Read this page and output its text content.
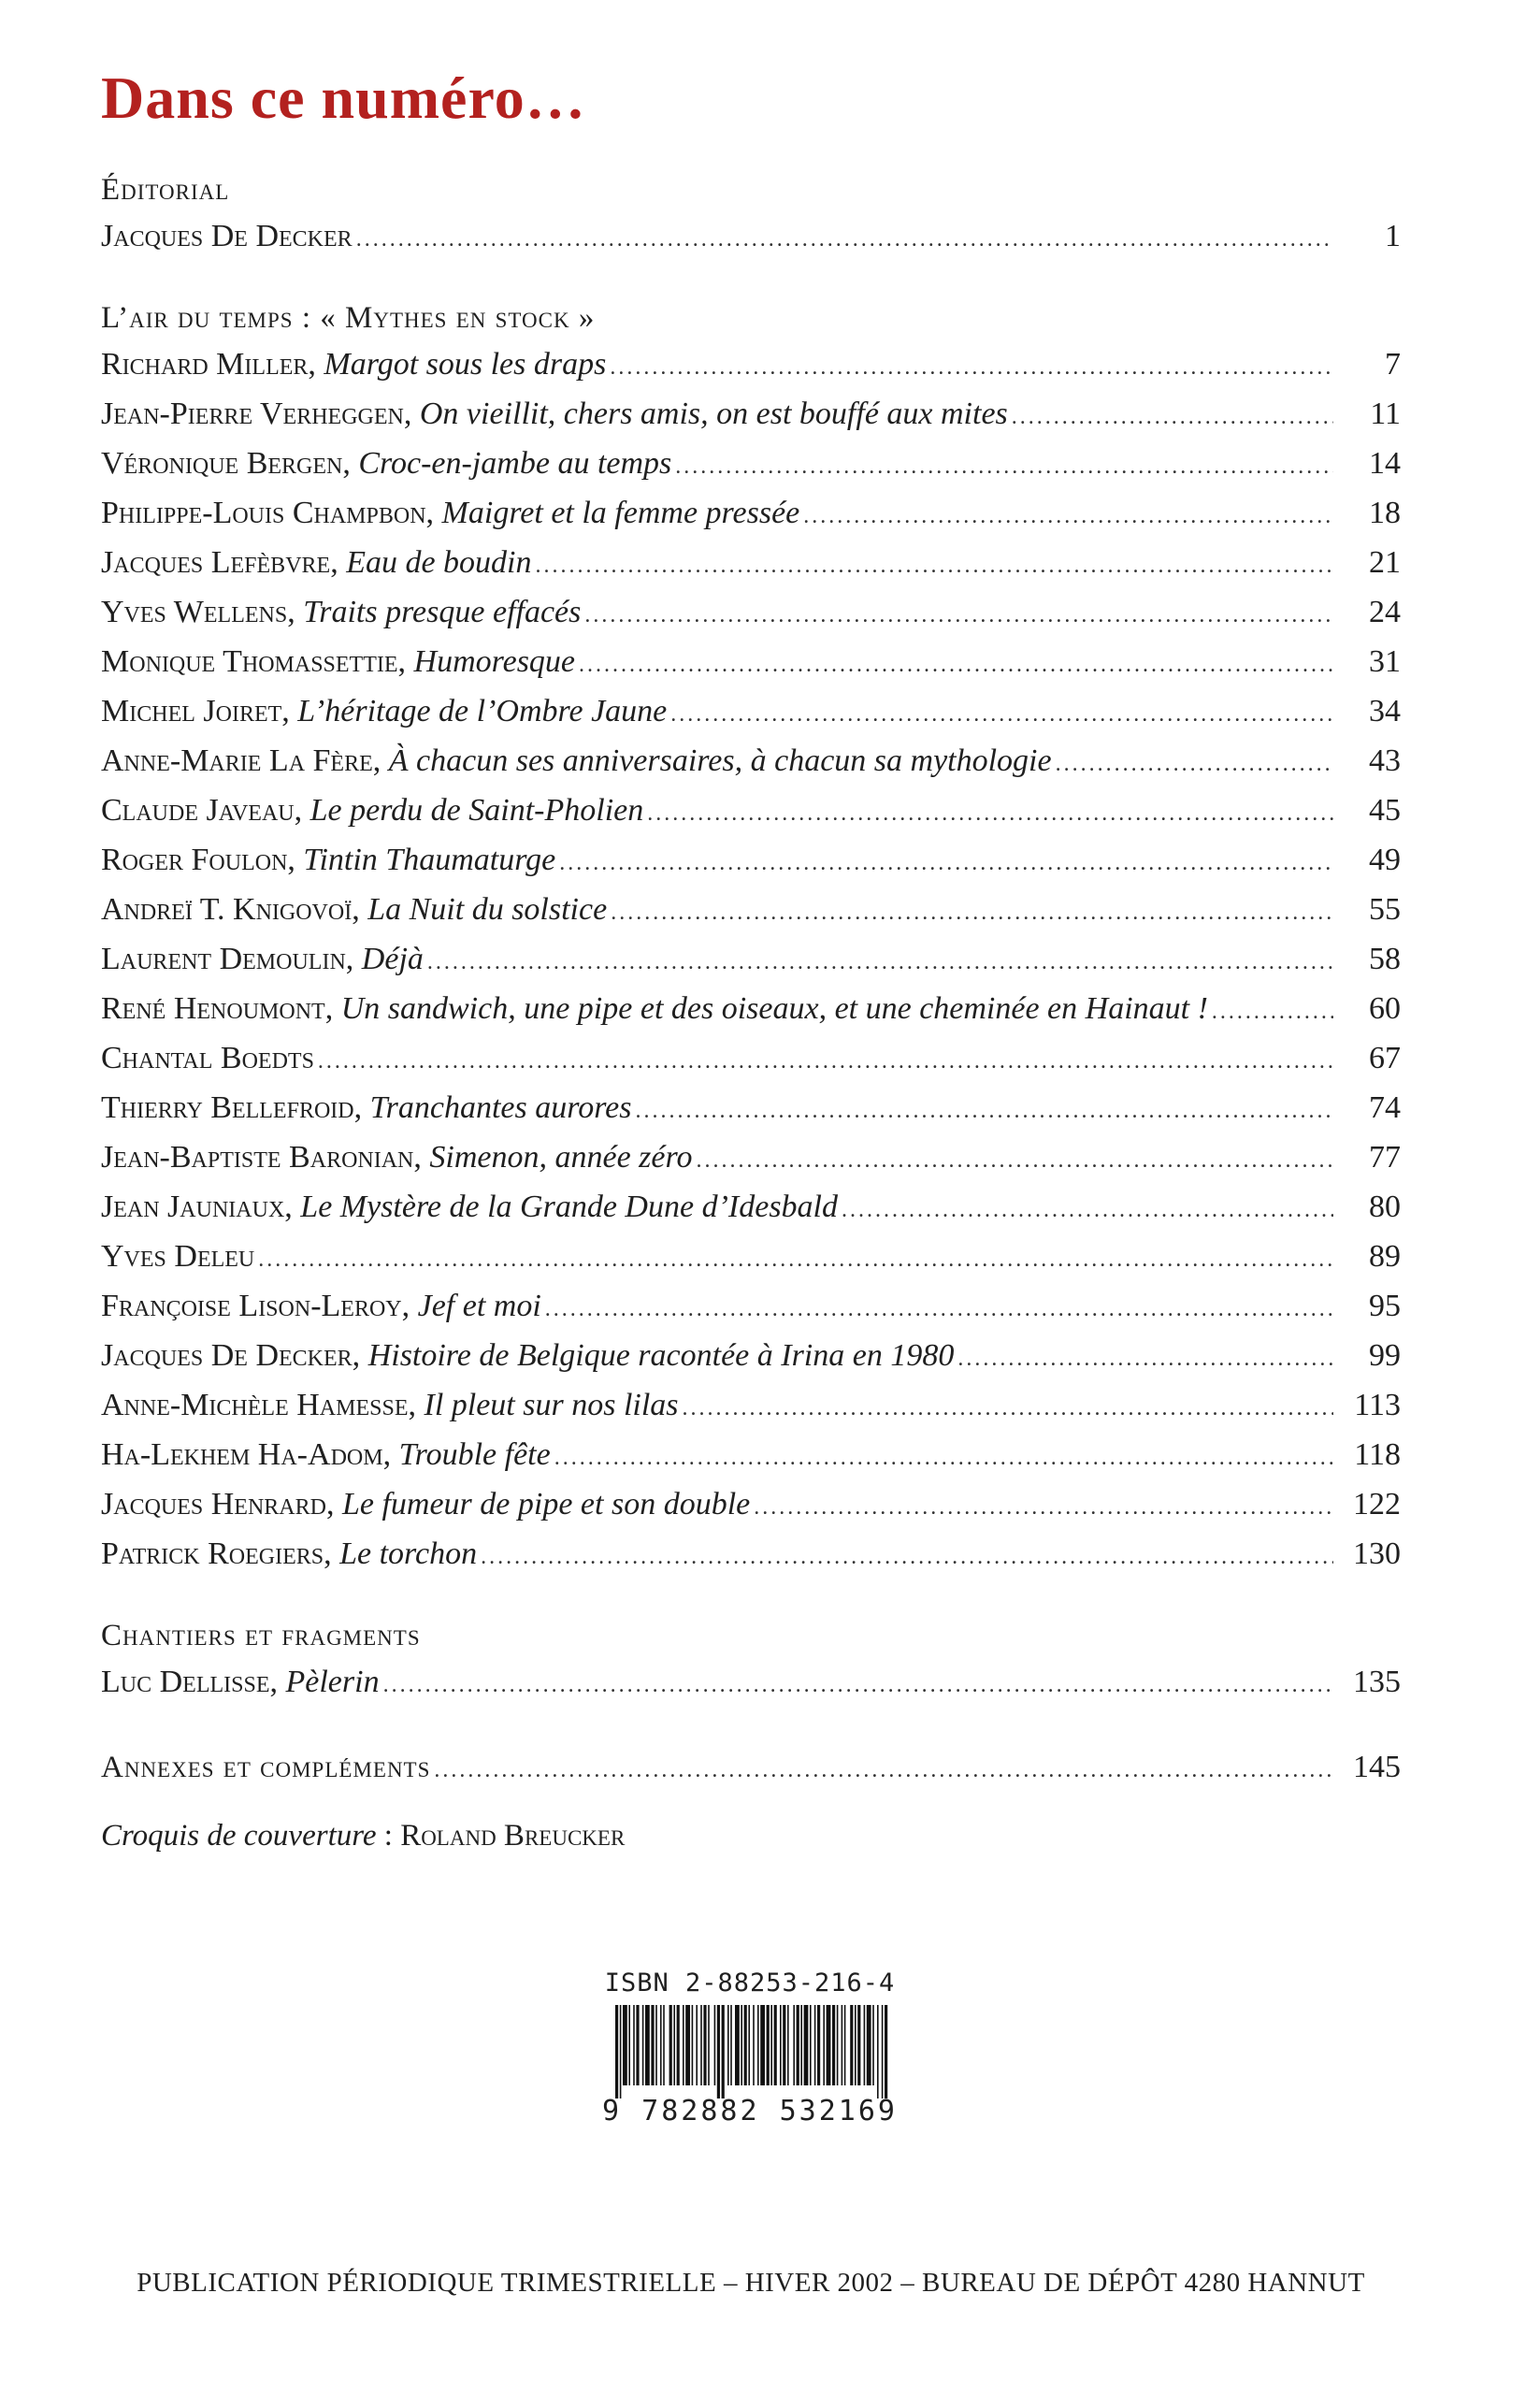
Dans ce numéro…
Éditorial
Jacques De Decker .....	1
L’air du temps : « Mythes en stock »
Richard Miller,
Margot sous les draps .....	7
Jean-Pierre Verheggen,
On vieillit, chers amis, on est bouffé aux mites .....	11
Véronique Bergen,
Croc-en-jambe au temps .....	14
Philippe-Louis Champbon,
Maigret et la femme pressée .....	18
Jacques Lefèbvre,
Eau de boudin .....	21
Yves Wellens,
Traits presque effacés .....	24
Monique Thomassettie,
Humoresque .....	31
Michel Joiret,
L’héritage de l’Ombre Jaune .....	34
Anne-Marie La Fère,
À chacun ses anniversaires, à chacun sa mythologie .....	43
Claude Javeau,
Le perdu de Saint-Pholien .....	45
Roger Foulon,
Tintin Thaumaturge .....	49
Andreï T. Knigovoï,
La Nuit du solstice .....	55
Laurent Demoulin,
Déjà .....	58
René Henoumont,
Un sandwich, une pipe et des oiseaux, et une cheminée en Hainaut ! .....	60
Chantal Boedts .....	67
Thierry Bellefroid,
Tranchantes aurores .....	74
Jean-Baptiste Baronian,
Simenon, année zéro .....	77
Jean Jauniaux,
Le Mystère de la Grande Dune d’Idesbald .....	80
Yves Deleu .....	89
Françoise Lison-Leroy,
Jef et moi .....	95
Jacques De Decker,
Histoire de Belgique racontée à Irina en 1980 .....	99
Anne-Michèle Hamesse,
Il pleut sur nos lilas .....	113
Ha-Lekhem Ha-Adom,
Trouble fête .....	118
Jacques Henrard,
Le fumeur de pipe et son double .....	122
Patrick Roegiers,
Le torchon .....	130
Chantiers et fragments
Luc Dellisse,
Pèlerin .....	135
Annexes et compléments .....	145
Croquis de couverture : Roland Breucker
ISBN 2-88253-216-4
9 782882 532169
PUBLICATION PÉRIODIQUE TRIMESTRIELLE – HIVER 2002 – BUREAU DE DÉPÔT 4280 HANNUT
